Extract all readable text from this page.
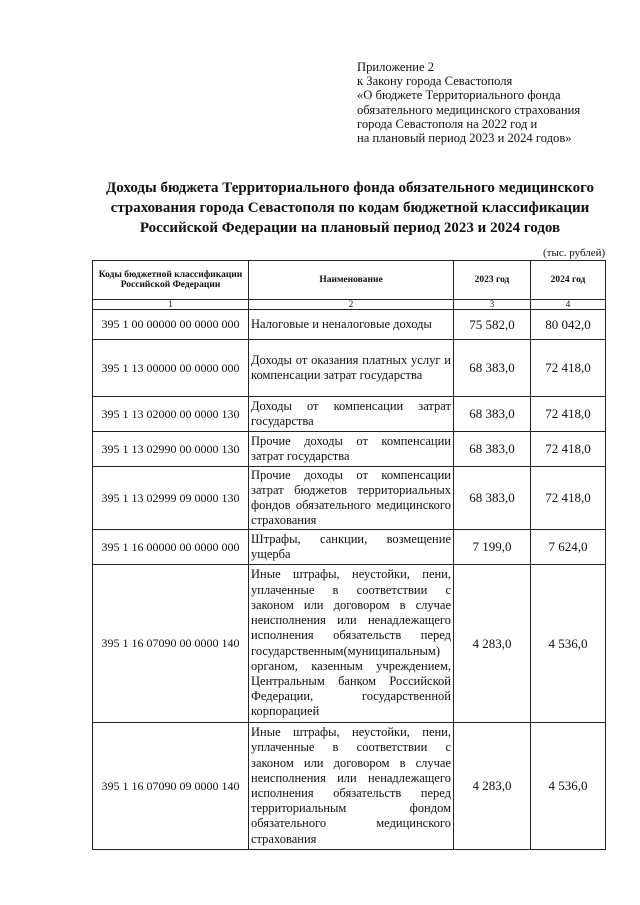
Приложение 2
к Закону города Севастополя
«О бюджете Территориального фонда
обязательного медицинского страхования
города Севастополя на 2022 год и
на плановый период 2023 и 2024 годов»
Доходы бюджета Территориального фонда обязательного медицинского
страхования города Севастополя по кодам бюджетной классификации
Российской Федерации на плановый период 2023 и 2024 годов
(тыс. рублей)
Коды бюджетной классификации Российской Федерации	Наименование	2023 год	2024 год
1	2	3	4
395 1 00 00000 00 0000 000	Налоговые и неналоговые доходы	75 582,0	80 042,0
395 1 13 00000 00 0000 000	Доходы от оказания платных услуг и компенсации затрат государства	68 383,0	72 418,0
395 1 13 02000 00 0000 130	Доходы от компенсации затрат государства	68 383,0	72 418,0
395 1 13 02990 00 0000 130	Прочие доходы от компенсации затрат государства	68 383,0	72 418,0
395 1 13 02999 09 0000 130	Прочие доходы от компенсации затрат бюджетов территориальных фондов обязательного медицинского страхования	68 383,0	72 418,0
395 1 16 00000 00 0000 000	Штрафы, санкции, возмещение ущерба	7 199,0	7 624,0
395 1 16 07090 00 0000 140	Иные штрафы, неустойки, пени, уплаченные в соответствии с законом или договором в случае неисполнения или ненадлежащего исполнения обязательств перед государственным(муниципальным) органом, казенным учреждением, Центральным банком Российской Федерации, государственной корпорацией	4 283,0	4 536,0
395 1 16 07090 09 0000 140	Иные штрафы, неустойки, пени, уплаченные в соответствии с законом или договором в случае неисполнения или ненадлежащего исполнения обязательств перед территориальным фондом обязательного медицинского страхования	4 283,0	4 536,0
